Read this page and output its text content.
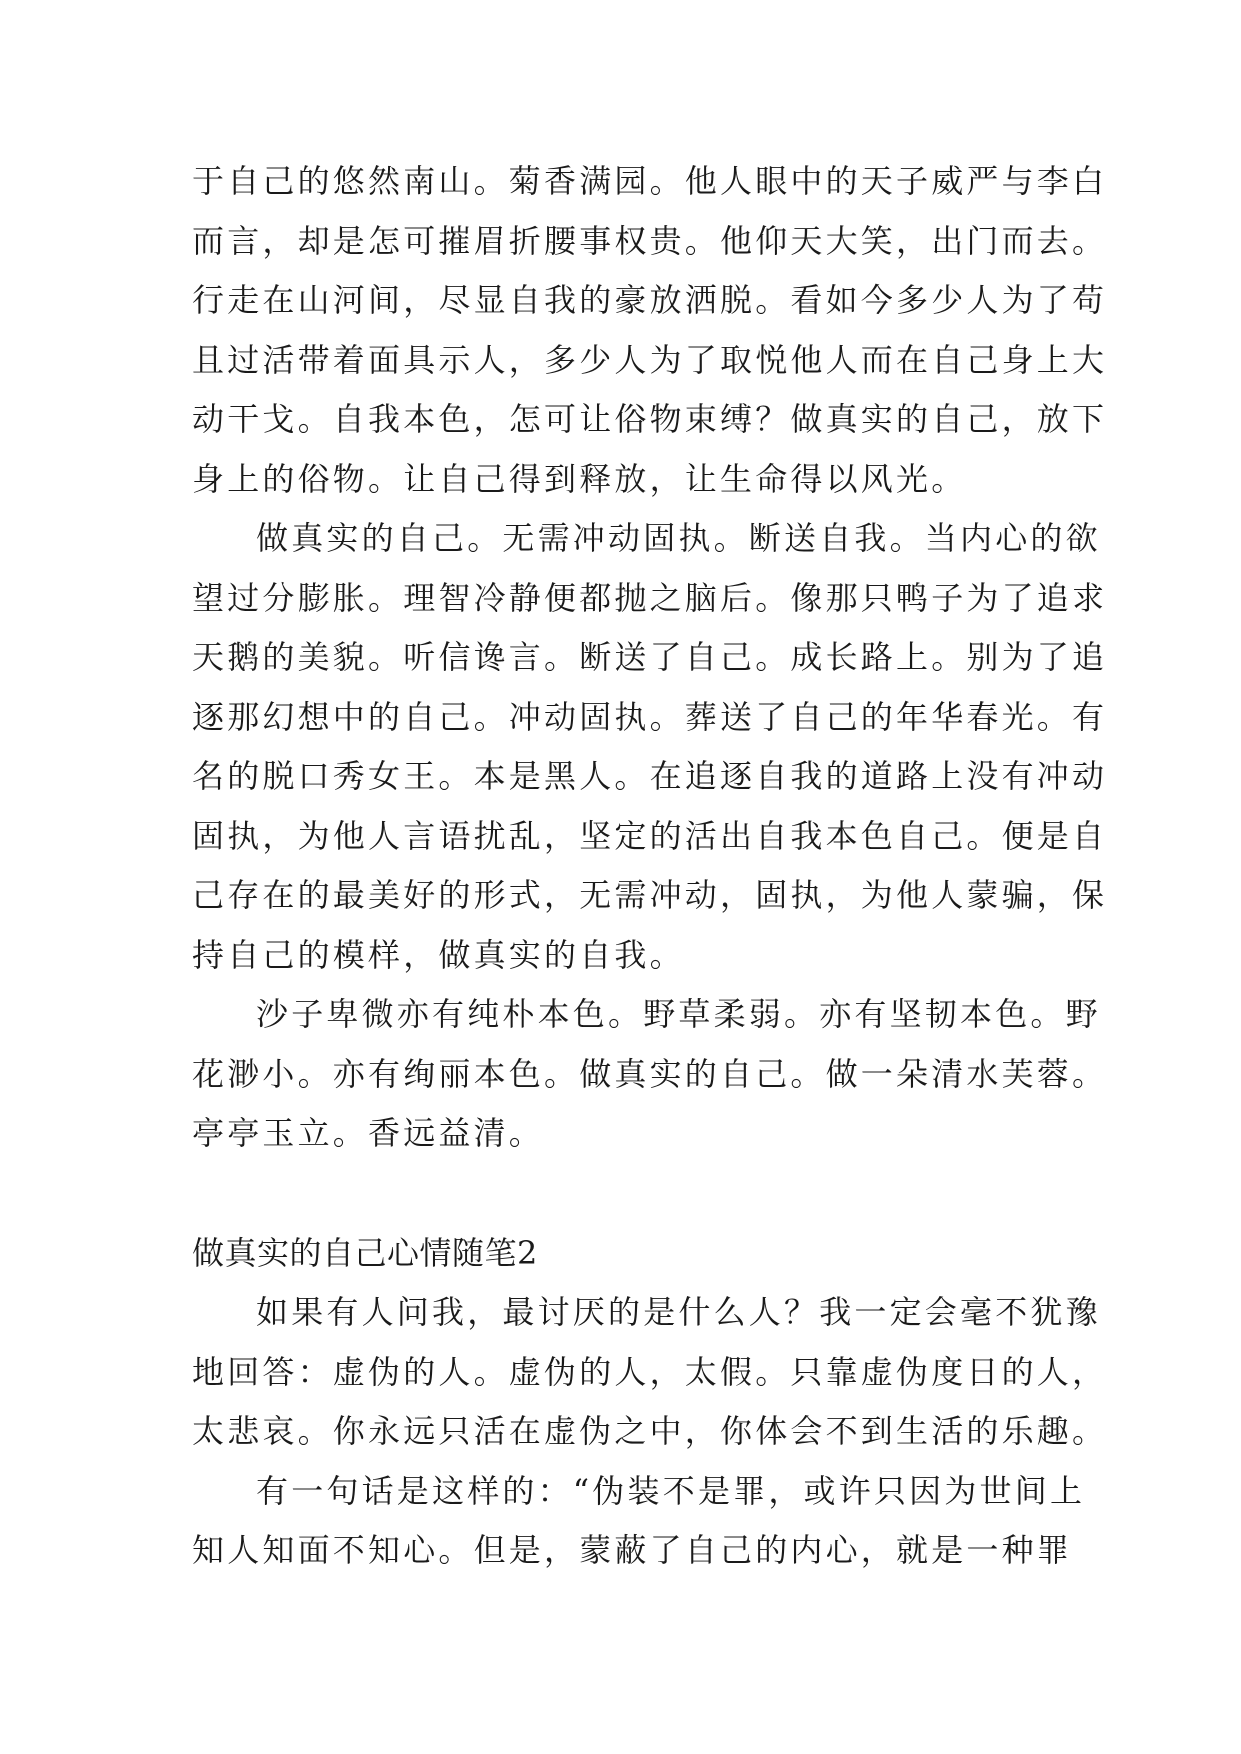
于自己的悠然南山。菊香满园。他人眼中的天子威严与李白
而言，却是怎可摧眉折腰事权贵。他仰天大笑，出门而去。
行走在山河间，尽显自我的豪放洒脱。看如今多少人为了苟
且过活带着面具示人，多少人为了取悦他人而在自己身上大
动干戈。自我本色，怎可让俗物束缚？做真实的自己，放下
身上的俗物。让自己得到释放，让生命得以风光。
做真实的自己。无需冲动固执。断送自我。当内心的欲
望过分膨胀。理智冷静便都抛之脑后。像那只鸭子为了追求
天鹅的美貌。听信谗言。断送了自己。成长路上。别为了追
逐那幻想中的自己。冲动固执。葬送了自己的年华春光。有
名的脱口秀女王。本是黑人。在追逐自我的道路上没有冲动
固执，为他人言语扰乱，坚定的活出自我本色自己。便是自
己存在的最美好的形式，无需冲动，固执，为他人蒙骗，保
持自己的模样，做真实的自我。
沙子卑微亦有纯朴本色。野草柔弱。亦有坚韧本色。野
花渺小。亦有绚丽本色。做真实的自己。做一朵清水芙蓉。
亭亭玉立。香远益清。
做真实的自己心情随笔2
如果有人问我，最讨厌的是什么人？我一定会毫不犹豫
地回答：虚伪的人。虚伪的人，太假。只靠虚伪度日的人，
太悲哀。你永远只活在虚伪之中，你体会不到生活的乐趣。
有一句话是这样的：“伪装不是罪，或许只因为世间上
知人知面不知心。但是，蒙蔽了自己的内心，就是一种罪
